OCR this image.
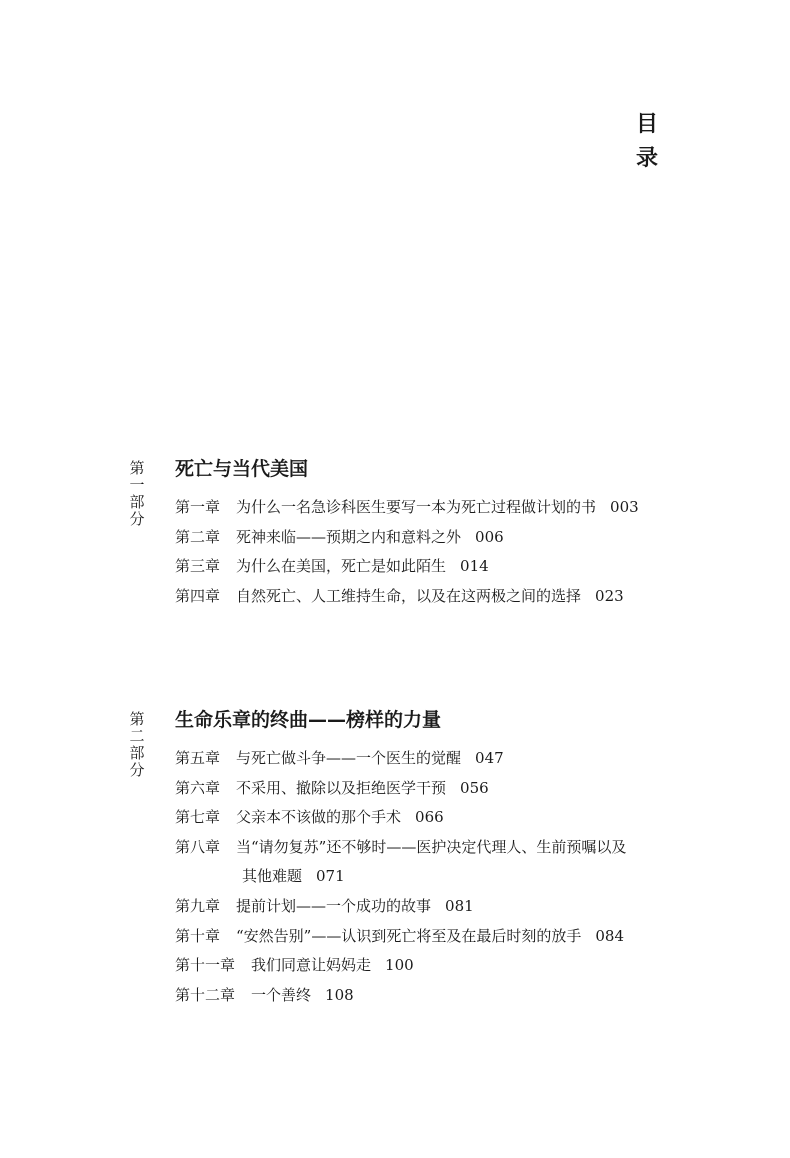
目
录
第
一
部
分
死亡与当代美国
第一章 为什么一名急诊科医生要写一本为死亡过程做计划的书 003
第二章 死神来临——预期之内和意料之外 006
第三章 为什么在美国，死亡是如此陌生 014
第四章 自然死亡、人工维持生命，以及在这两极之间的选择 023
第
二
部
分
生命乐章的终曲——榜样的力量
第五章 与死亡做斗争——一个医生的觉醒 047
第六章 不采用、撤除以及拒绝医学干预 056
第七章 父亲本不该做的那个手术 066
第八章 当“请勿复苏”还不够时——医护决定代理人、生前预嘱以及
其他难题 071
第九章 提前计划——一个成功的故事 081
第十章 “安然告别”——认识到死亡将至及在最后时刻的放手 084
第十一章 我们同意让妈妈走 100
第十二章 一个善终 108
